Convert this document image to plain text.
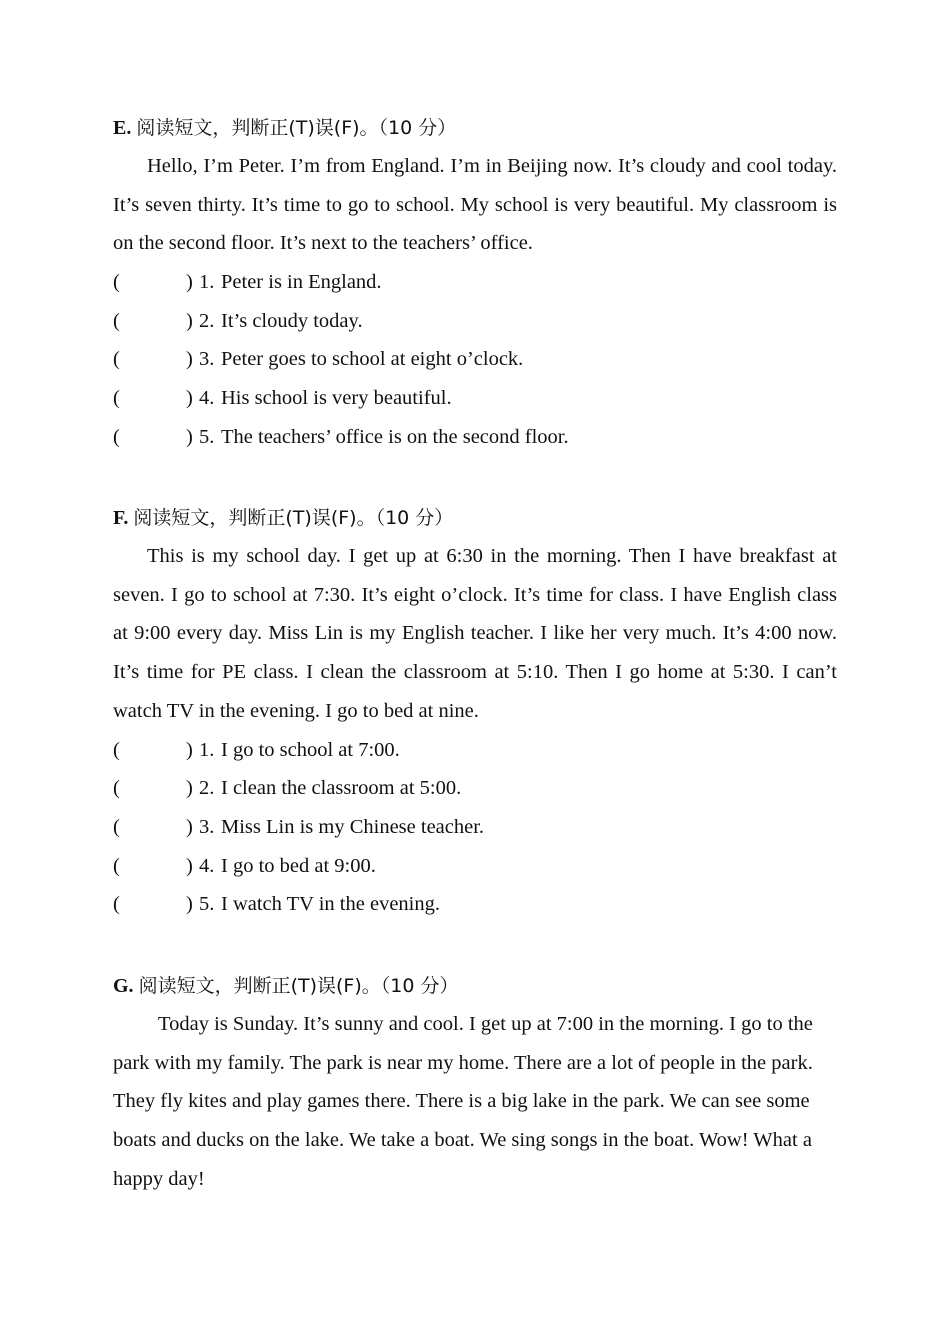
E. 阅读短文，判断正(T)误(F)。（10 分）

Hello, I’m Peter. I’m from England. I’m in Beijing now. It’s cloudy and cool today. It’s seven thirty. It’s time to go to school. My school is very beautiful. My classroom is on the second floor. It’s next to the teachers’ office.

(	) 1. Peter is in England.
(	) 2. It’s cloudy today.
(	) 3. Peter goes to school at eight o’clock.
(	) 4. His school is very beautiful.
(	) 5. The teachers’ office is on the second floor.
F. 阅读短文，判断正(T)误(F)。（10 分）

This is my school day. I get up at 6:30 in the morning. Then I have breakfast at seven. I go to school at 7:30. It’s eight o’clock. It’s time for class. I have English class at 9:00 every day. Miss Lin is my English teacher. I like her very much. It’s 4:00 now. It’s time for PE class. I clean the classroom at 5:10. Then I go home at 5:30. I can’t watch TV in the evening. I go to bed at nine.

(	) 1. I go to school at 7:00.
(	) 2. I clean the classroom at 5:00.
(	) 3. Miss Lin is my Chinese teacher.
(	) 4. I go to bed at 9:00.
(	) 5. I watch TV in the evening.
G. 阅读短文，判断正(T)误(F)。（10 分）

Today is Sunday. It’s sunny and cool. I get up at 7:00 in the morning. I go to the park with my family. The park is near my home. There are a lot of people in the park. They fly kites and play games there. There is a big lake in the park. We can see some boats and ducks on the lake. We take a boat. We sing songs in the boat. Wow! What a happy day!
